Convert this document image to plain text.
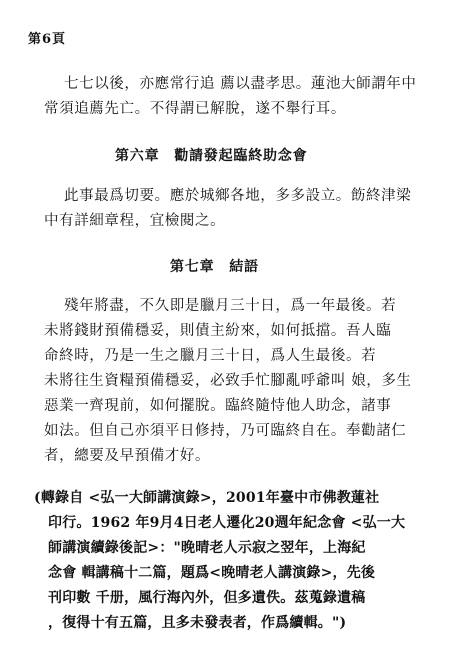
第6頁
七七以後，亦應常行追 薦以盡孝思。蓮池大師謂年中
常須追薦先亡。不得謂已解脫，遂不舉行耳。
第六章　勸請發起臨終助念會
此事最爲切要。應於城鄉各地，多多設立。飭終津梁
中有詳細章程，宜檢閱之。
第七章　結語
殘年將盡，不久即是臘月三十日，爲一年最後。若
未將錢財預備穩妥，則債主紛來，如何抵擋。吾人臨
命終時，乃是一生之臘月三十日，爲人生最後。若
未將往生資糧預備穩妥，必致手忙腳亂呼爺叫 娘，多生
惡業一齊現前，如何擺脫。臨終隨恃他人助念，諸事
如法。但自己亦須平日修持，乃可臨終自在。奉勸諸仁
者，總要及早預備才好。
(轉錄自 <弘一大師講演錄>，2001年臺中市佛教蓮社
印行。1962 年9月4日老人遷化20週年紀念會 <弘一大
師講演續錄後記>："晚晴老人示寂之翌年，上海紀
念會 輯講稿十二篇，題爲<晚晴老人講演錄>，先後
刊印數 千册，風行海內外，但多遺佚。茲蒐錄遺稿
，復得十有五篇，且多未發表者，作爲續輯。")
